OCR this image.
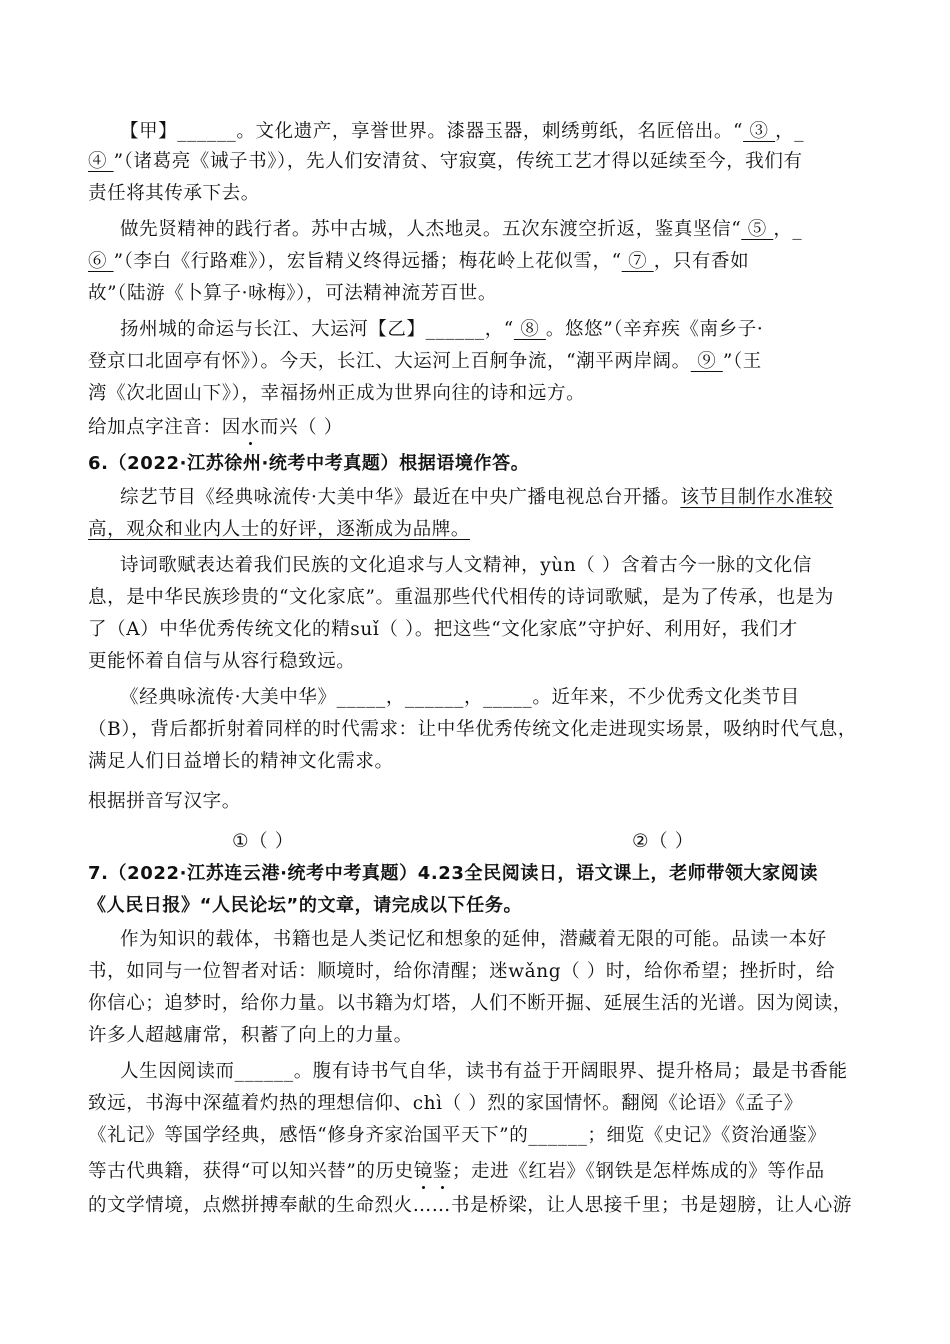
【甲】______。文化遗产，享誉世界。漆器玉器，刺绣剪纸，名匠倍出。“ ③ ，_
④ ”（诸葛亮《诫子书》），先人们安清贫、守寂寞，传统工艺才得以延续至今，我们有
责任将其传承下去。
做先贤精神的践行者。苏中古城，人杰地灵。五次东渡空折返，鉴真坚信“ ⑤ ，_
⑥ ”（李白《行路难》），宏旨精义终得远播；梅花岭上花似雪，“ ⑦ ，只有香如
故”（陆游《卜算子·咏梅》），可法精神流芳百世。
扬州城的命运与长江、大运河【乙】______，“ ⑧ 。悠悠”（辛弃疾《南乡子·
登京口北固亭有怀》）。今天，长江、大运河上百舸争流，“潮平两岸阔。 ⑨ ”（王
湾《次北固山下》），幸福扬州正成为世界向往的诗和远方。
给加点字注音：因水而兴（ ）
6.（2022·江苏徐州·统考中考真题）根据语境作答。
综艺节目《经典咏流传·大美中华》最近在中央广播电视总台开播。该节目制作水准较
高，观众和业内人士的好评，逐渐成为品牌。
诗词歌赋表达着我们民族的文化追求与人文精神，yùn（ ）含着古今一脉的文化信
息，是中华民族珍贵的“文化家底”。重温那些代代相传的诗词歌赋，是为了传承，也是为
了（A）中华优秀传统文化的精suǐ（ ）。把这些“文化家底”守护好、利用好，我们才
更能怀着自信与从容行稳致远。
《经典咏流传·大美中华》_____，______，_____。近年来，不少优秀文化类节目
（B），背后都折射着同样的时代需求：让中华优秀传统文化走进现实场景，吸纳时代气息，
满足人们日益增长的精神文化需求。
根据拼音写汉字。
①（ ）	②（ ）
7.（2022·江苏连云港·统考中考真题）4.23全民阅读日，语文课上，老师带领大家阅读
《人民日报》“人民论坛”的文章，请完成以下任务。
作为知识的载体，书籍也是人类记忆和想象的延伸，潜藏着无限的可能。品读一本好
书，如同与一位智者对话：顺境时，给你清醒；迷wǎng（ ）时，给你希望；挫折时，给
你信心；追梦时，给你力量。以书籍为灯塔，人们不断开掘、延展生活的光谱。因为阅读，
许多人超越庸常，积蓄了向上的力量。
人生因阅读而______。腹有诗书气自华，读书有益于开阔眼界、提升格局；最是书香能
致远，书海中深蕴着灼热的理想信仰、chì（ ）烈的家国情怀。翻阅《论语》《孟子》
《礼记》等国学经典，感悟“修身齐家治国平天下”的______；细览《史记》《资治通鉴》
等古代典籍，获得“可以知兴替”的历史镜鉴；走进《红岩》《钢铁是怎样炼成的》等作品
的文学情境，点燃拼搏奉献的生命烈火……书是桥梁，让人思接千里；书是翅膀，让人心游
